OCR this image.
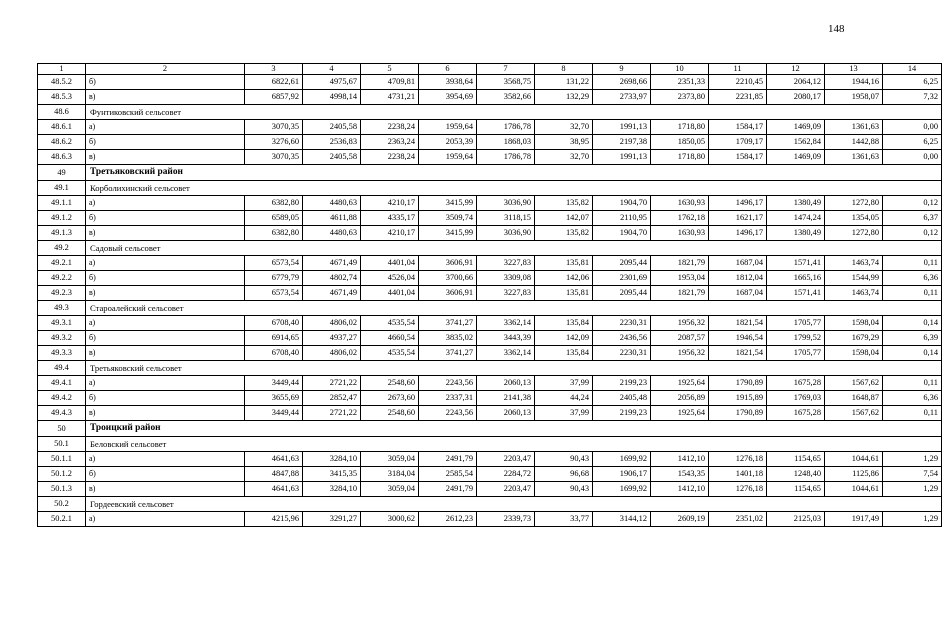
148
1	2	3	4	5	6	7	8	9	10	11	12	13	14
48.5.2	б)	6822,61	4975,67	4709,81	3938,64	3568,75	131,22	2698,66	2351,33	2210,45	2064,12	1944,16	6,25
48.5.3	в)	6857,92	4998,14	4731,21	3954,69	3582,66	132,29	2733,97	2373,80	2231,85	2080,17	1958,07	7,32
48.6	Фунтиковский сельсовет												
48.6.1	а)	3070,35	2405,58	2238,24	1959,64	1786,78	32,70	1991,13	1718,80	1584,17	1469,09	1361,63	0,00
48.6.2	б)	3276,60	2536,83	2363,24	2053,39	1868,03	38,95	2197,38	1850,05	1709,17	1562,84	1442,88	6,25
48.6.3	в)	3070,35	2405,58	2238,24	1959,64	1786,78	32,70	1991,13	1718,80	1584,17	1469,09	1361,63	0,00
49	Третьяковский район												
49.1	Корболихинский сельсовет												
49.1.1	а)	6382,80	4480,63	4210,17	3415,99	3036,90	135,82	1904,70	1630,93	1496,17	1380,49	1272,80	0,12
49.1.2	б)	6589,05	4611,88	4335,17	3509,74	3118,15	142,07	2110,95	1762,18	1621,17	1474,24	1354,05	6,37
49.1.3	в)	6382,80	4480,63	4210,17	3415,99	3036,90	135,82	1904,70	1630,93	1496,17	1380,49	1272,80	0,12
49.2	Садовый сельсовет												
49.2.1	а)	6573,54	4671,49	4401,04	3606,91	3227,83	135,81	2095,44	1821,79	1687,04	1571,41	1463,74	0,11
49.2.2	б)	6779,79	4802,74	4526,04	3700,66	3309,08	142,06	2301,69	1953,04	1812,04	1665,16	1544,99	6,36
49.2.3	в)	6573,54	4671,49	4401,04	3606,91	3227,83	135,81	2095,44	1821,79	1687,04	1571,41	1463,74	0,11
49.3	Староалейский сельсовет												
49.3.1	а)	6708,40	4806,02	4535,54	3741,27	3362,14	135,84	2230,31	1956,32	1821,54	1705,77	1598,04	0,14
49.3.2	б)	6914,65	4937,27	4660,54	3835,02	3443,39	142,09	2436,56	2087,57	1946,54	1799,52	1679,29	6,39
49.3.3	в)	6708,40	4806,02	4535,54	3741,27	3362,14	135,84	2230,31	1956,32	1821,54	1705,77	1598,04	0,14
49.4	Третьяковский сельсовет												
49.4.1	а)	3449,44	2721,22	2548,60	2243,56	2060,13	37,99	2199,23	1925,64	1790,89	1675,28	1567,62	0,11
49.4.2	б)	3655,69	2852,47	2673,60	2337,31	2141,38	44,24	2405,48	2056,89	1915,89	1769,03	1648,87	6,36
49.4.3	в)	3449,44	2721,22	2548,60	2243,56	2060,13	37,99	2199,23	1925,64	1790,89	1675,28	1567,62	0,11
50	Троицкий район												
50.1	Беловский сельсовет												
50.1.1	а)	4641,63	3284,10	3059,04	2491,79	2203,47	90,43	1699,92	1412,10	1276,18	1154,65	1044,61	1,29
50.1.2	б)	4847,88	3415,35	3184,04	2585,54	2284,72	96,68	1906,17	1543,35	1401,18	1248,40	1125,86	7,54
50.1.3	в)	4641,63	3284,10	3059,04	2491,79	2203,47	90,43	1699,92	1412,10	1276,18	1154,65	1044,61	1,29
50.2	Гордеевский сельсовет												
50.2.1	а)	4215,96	3291,27	3000,62	2612,23	2339,73	33,77	3144,12	2609,19	2351,02	2125,03	1917,49	1,29
